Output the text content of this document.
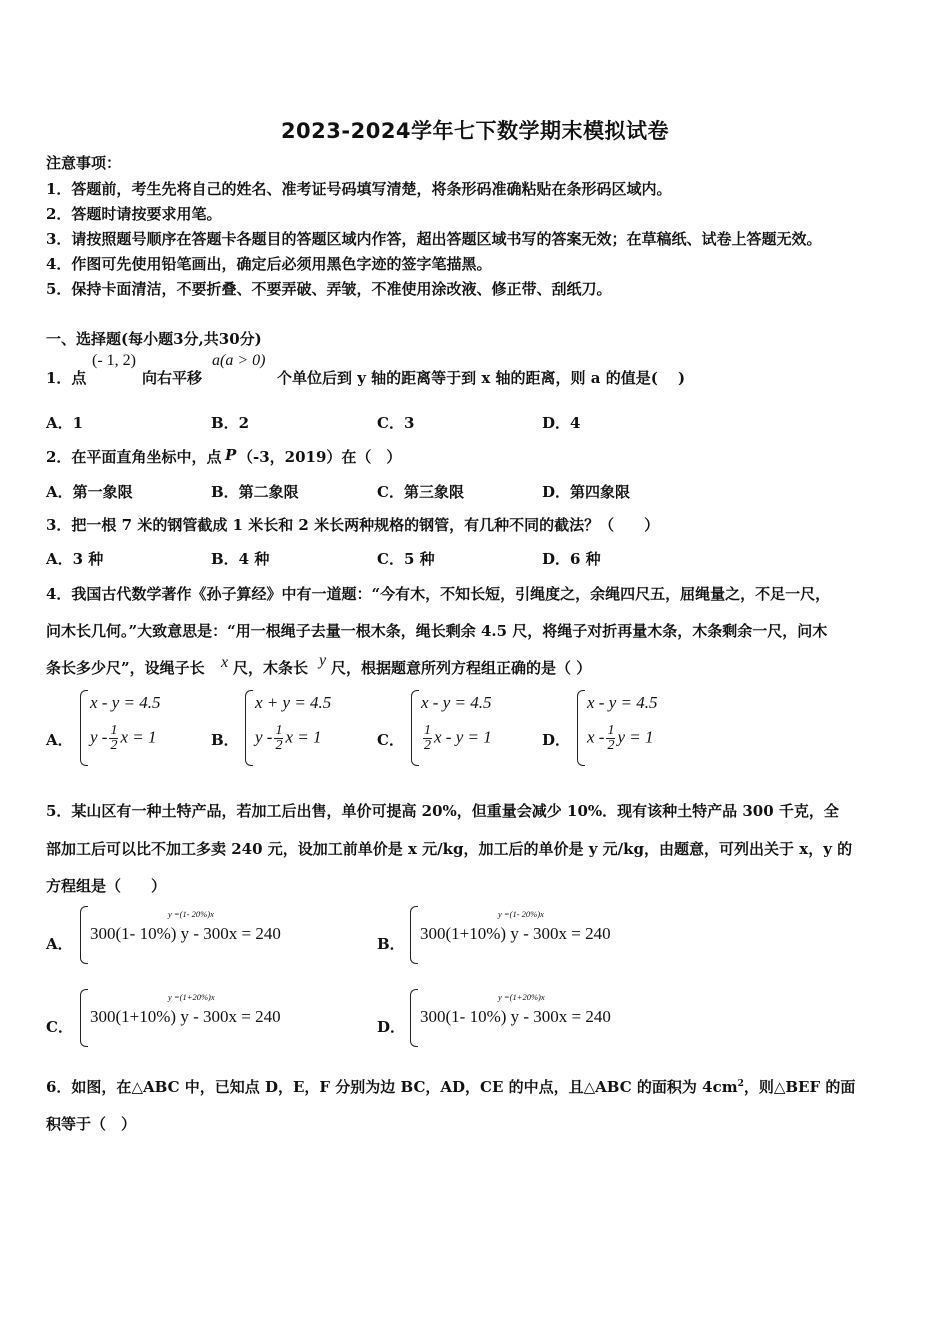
2023-2024学年七下数学期末模拟试卷
注意事项：
1．答题前，考生先将自己的姓名、准考证号码填写清楚，将条形码准确粘贴在条形码区域内。
2．答题时请按要求用笔。
3．请按照题号顺序在答题卡各题目的答题区域内作答，超出答题区域书写的答案无效；在草稿纸、试卷上答题无效。
4．作图可先使用铅笔画出，确定后必须用黑色字迹的签字笔描黑。
5．保持卡面清洁，不要折叠、不要弄破、弄皱，不准使用涂改液、修正带、刮纸刀。
一、选择题(每小题3分,共30分)
1．点
(- 1, 2)
向右平移
a(a > 0)
个单位后到 y 轴的距离等于到 x 轴的距离，则 a 的值是(　 )
A．1	B．2	C．3	D．4
2．在平面直角坐标中，点 P （-3，2019）在（　）
A．第一象限	B．第二象限	C．第三象限	D．第四象限
3．把一根 7 米的钢管截成 1 米长和 2 米长两种规格的钢管，有几种不同的截法？（　　）
A．3 种	B．4 种	C．5 种	D．6 种
4．我国古代数学著作《孙子算经》中有一道题：“今有木，不知长短，引绳度之，余绳四尺五，屈绳量之，不足一尺，
问木长几何。”大致意思是：“用一根绳子去量一根木条，绳长剩余 4.5 尺，将绳子对折再量木条，木条剩余一尺，问木
条长多少尺”，设绳子长 x 尺，木条长 y 尺，根据题意所列方程组正确的是（ ）
A．
x - y = 4.5
y - $\frac{1}{2}$ x = 1	B．
x + y = 4.5
y - $\frac{1}{2}$ x = 1	C．
x - y = 4.5
$\frac{1}{2}$ x - y = 1	D．
x - y = 4.5
x - $\frac{1}{2}$ y = 1
5．某山区有一种土特产品，若加工后出售，单价可提高 20%，但重量会减少 10%．现有该种土特产品 300 千克，全
部加工后可以比不加工多卖 240 元，设加工前单价是 x 元/kg，加工后的单价是 y 元/kg，由题意，可列出关于 x，y 的
方程组是（　　）
A．
y =(1- 20%)x
300(1- 10%) y - 300x = 240
B．
y =(1- 20%)x
300(1+10%) y - 300x = 240
C．
y =(1+20%)x
300(1+10%) y - 300x = 240
D．
y =(1+20%)x
300(1- 10%) y - 300x = 240
6．如图，在△ABC 中，已知点 D，E，F 分别为边 BC，AD，CE 的中点，且△ABC 的面积为 $4cm^2$，则△BEF 的面
积等于（　）
